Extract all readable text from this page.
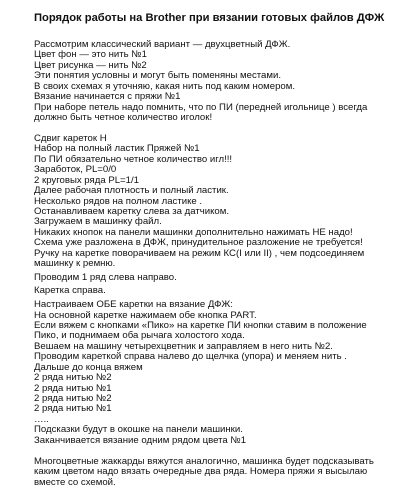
Порядок работы на Brother при вязании готовых файлов ДФЖ
Рассмотрим классический вариант — двухцветный ДФЖ.
Цвет фон — это нить №1
Цвет рисунка — нить №2
Эти понятия условны и могут быть поменяны местами.
В своих схемах я уточняю, какая нить под каким номером.
Вязание начинается с пряжи №1
При наборе петель надо помнить, что по ПИ (передней игольнице ) всегда
должно быть четное количество иголок!
Сдвиг кареток Н
Набор на полный ластик Пряжей №1
По ПИ обязательно четное количество игл!!!
Заработок, PL=0/0
2 круговых ряда PL=1/1
Далее рабочая плотность и полный ластик.
Несколько рядов на полном ластике .
Останавливаем каретку слева за датчиком.
Загружаем в машинку файл.
Никаких кнопок на панели машинки дополнительно нажимать НЕ надо!
Схема уже разложена в ДФЖ, принудительное разложение не требуется!
Ручку на каретке поворачиваем на режим КС(I или II) , чем подсоединяем
машинку к ремню.
Проводим 1 ряд слева направо.
Каретка справа.
Настраиваем ОБЕ каретки на вязание ДФЖ:
На основной каретке нажимаем обе кнопка PART.
Если вяжем с кнопками «Пико» на каретке ПИ кнопки ставим в положение
Пико, и поднимаем оба рычага холостого хода.
Вешаем на машину четырехцветник и заправляем в него нить №2.
Проводим кареткой справа налево до щелчка (упора) и меняем нить .
Дальше до конца вяжем
2 ряда нитью №2
2 ряда нитью №1
2 ряда нитью №2
2 ряда нитью №1
…..
Подсказки будут в окошке на панели машинки.
Заканчивается вязание одним рядом цвета №1
Многоцветные жаккарды вяжутся аналогично, машинка будет подсказывать
каким цветом надо вязать очередные два ряда. Номера пряжи я высылаю
вместе со схемой.
